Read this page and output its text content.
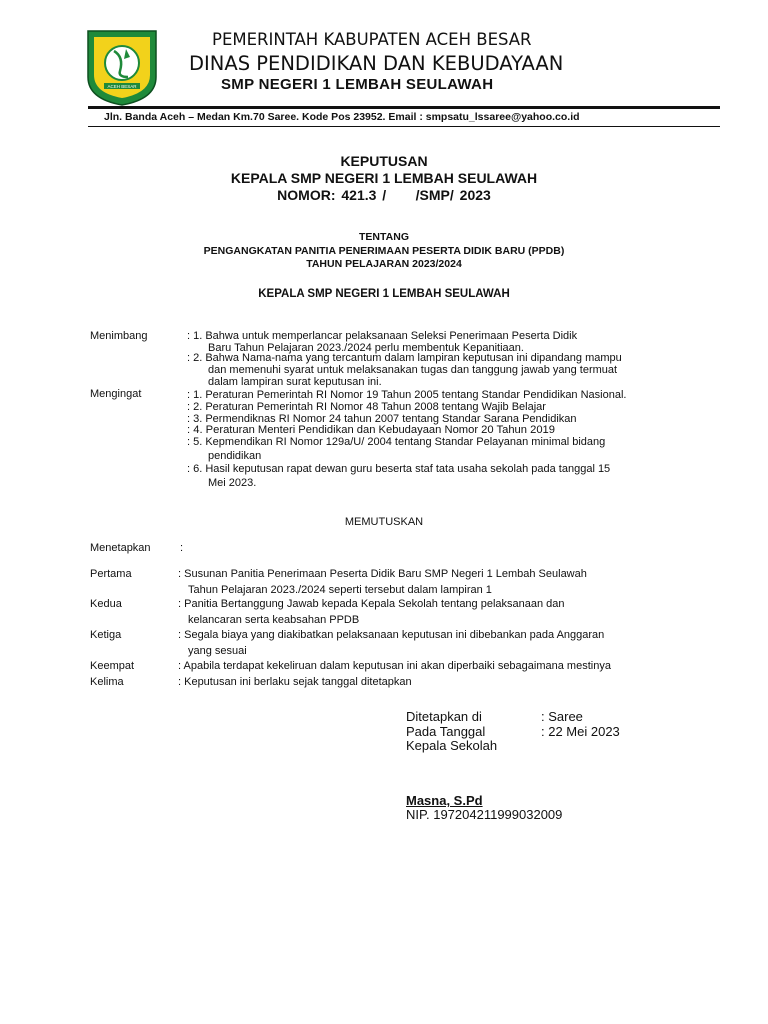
ACEH BESAR
PEMERINTAH KABUPATEN ACEH BESAR
DINAS PENDIDIKAN DAN KEBUDAYAAN
SMP NEGERI 1 LEMBAH SEULAWAH
Jln. Banda Aceh – Medan Km.70 Saree. Kode Pos 23952. Email : smpsatu_lssaree@yahoo.co.id
KEPUTUSAN
KEPALA SMP NEGERI 1 LEMBAH SEULAWAH
NOMOR: 421.3 /     /SMP/ 2023
TENTANG
PENGANGKATAN PANITIA PENERIMAAN PESERTA DIDIK BARU (PPDB)
TAHUN PELAJARAN 2023/2024
KEPALA SMP NEGERI 1 LEMBAH SEULAWAH
Menimbang	: 1. Bahwa untuk memperlancar pelaksanaan Seleksi Penerimaan Peserta Didik
Baru Tahun Pelajaran 2023./2024 perlu membentuk Kepanitiaan.
: 2. Bahwa Nama-nama yang tercantum dalam lampiran keputusan ini dipandang mampu
dan memenuhi syarat untuk melaksanakan tugas dan tanggung jawab yang termuat
dalam lampiran surat keputusan ini.
Mengingat	: 1. Peraturan Pemerintah RI Nomor 19 Tahun 2005 tentang Standar Pendidikan Nasional.
: 2. Peraturan Pemerintah RI Nomor 48 Tahun 2008 tentang Wajib Belajar
: 3. Permendiknas RI Nomor 24 tahun 2007 tentang Standar Sarana Pendidikan
: 4. Peraturan Menteri Pendidikan dan Kebudayaan Nomor 20 Tahun 2019
: 5. Kepmendikan RI Nomor 129a/U/ 2004 tentang Standar Pelayanan minimal bidang
pendidikan
: 6. Hasil keputusan rapat dewan guru beserta staf tata usaha sekolah pada tanggal 15
Mei 2023.
MEMUTUSKAN
Menetapkan	:
Pertama	: Susunan Panitia Penerimaan Peserta Didik Baru SMP Negeri 1 Lembah Seulawah
Tahun Pelajaran 2023./2024 seperti tersebut dalam lampiran 1
Kedua	: Panitia Bertanggung Jawab kepada Kepala Sekolah tentang pelaksanaan dan
kelancaran serta keabsahan PPDB
Ketiga	: Segala biaya yang diakibatkan pelaksanaan keputusan ini dibebankan pada Anggaran
yang sesuai
Keempat	: Apabila terdapat kekeliruan dalam keputusan ini akan diperbaiki sebagaimana mestinya
Kelima	: Keputusan ini berlaku sejak tanggal ditetapkan
Ditetapkan di	: Saree
Pada Tanggal	: 22 Mei 2023
Kepala Sekolah
Masna, S.Pd
NIP. 197204211999032009
